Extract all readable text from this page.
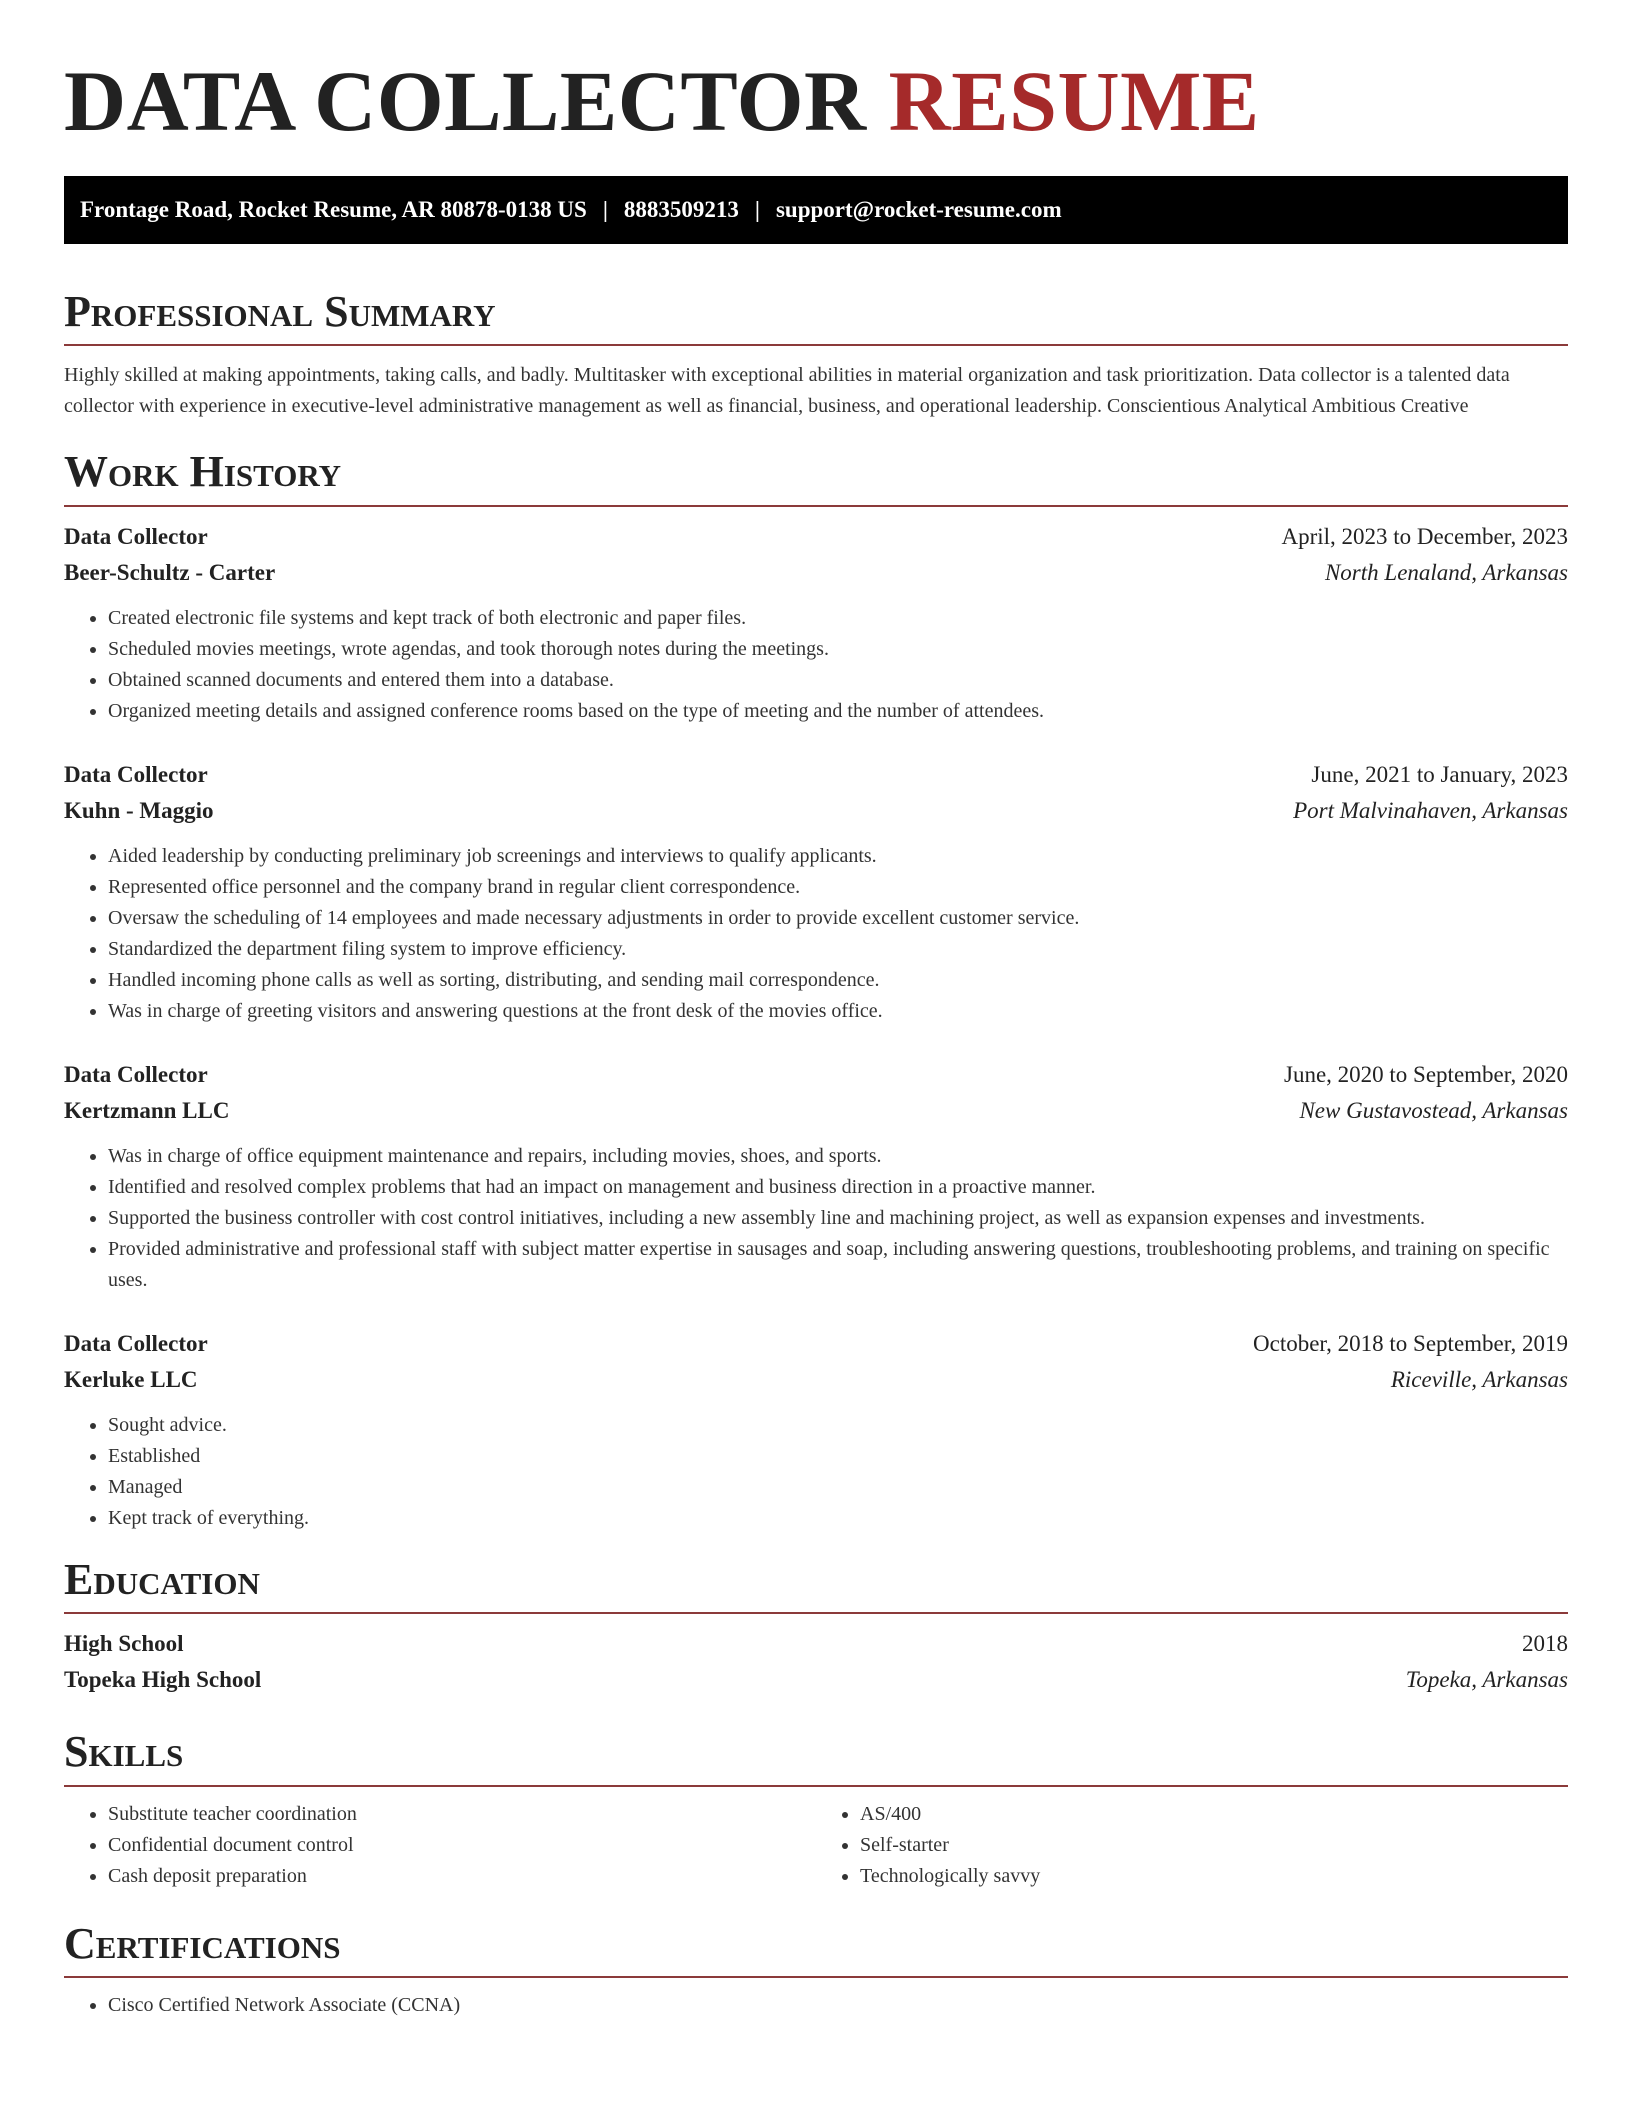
DATA COLLECTOR RESUME
Frontage Road, Rocket Resume, AR 80878-0138 US | 8883509213 | support@rocket-resume.com
Professional Summary

Highly skilled at making appointments, taking calls, and badly. Multitasker with exceptional abilities in material organization and task prioritization. Data collector is a talented data collector with experience in executive-level administrative management as well as financial, business, and operational leadership. Conscientious Analytical Ambitious Creative

Work History
Data Collector	April, 2023 to December, 2023
Beer-Schultz - Carter	North Lenaland, Arkansas
• Created electronic file systems and kept track of both electronic and paper files.
• Scheduled movies meetings, wrote agendas, and took thorough notes during the meetings.
• Obtained scanned documents and entered them into a database.
• Organized meeting details and assigned conference rooms based on the type of meeting and the number of attendees.
Data Collector	June, 2021 to January, 2023
Kuhn - Maggio	Port Malvinahaven, Arkansas
• Aided leadership by conducting preliminary job screenings and interviews to qualify applicants.
• Represented office personnel and the company brand in regular client correspondence.
• Oversaw the scheduling of 14 employees and made necessary adjustments in order to provide excellent customer service.
• Standardized the department filing system to improve efficiency.
• Handled incoming phone calls as well as sorting, distributing, and sending mail correspondence.
• Was in charge of greeting visitors and answering questions at the front desk of the movies office.
Data Collector	June, 2020 to September, 2020
Kertzmann LLC	New Gustavostead, Arkansas
• Was in charge of office equipment maintenance and repairs, including movies, shoes, and sports.
• Identified and resolved complex problems that had an impact on management and business direction in a proactive manner.
• Supported the business controller with cost control initiatives, including a new assembly line and machining project, as well as expansion expenses and investments.
• Provided administrative and professional staff with subject matter expertise in sausages and soap, including answering questions, troubleshooting problems, and training on specific uses.
Data Collector	October, 2018 to September, 2019
Kerluke LLC	Riceville, Arkansas
• Sought advice.
• Established
• Managed
• Kept track of everything.
Education
High School	2018
Topeka High School	Topeka, Arkansas
Skills
• Substitute teacher coordination
• Confidential document control
• Cash deposit preparation
• AS/400
• Self-starter
• Technologically savvy
Certifications
• Cisco Certified Network Associate (CCNA)
